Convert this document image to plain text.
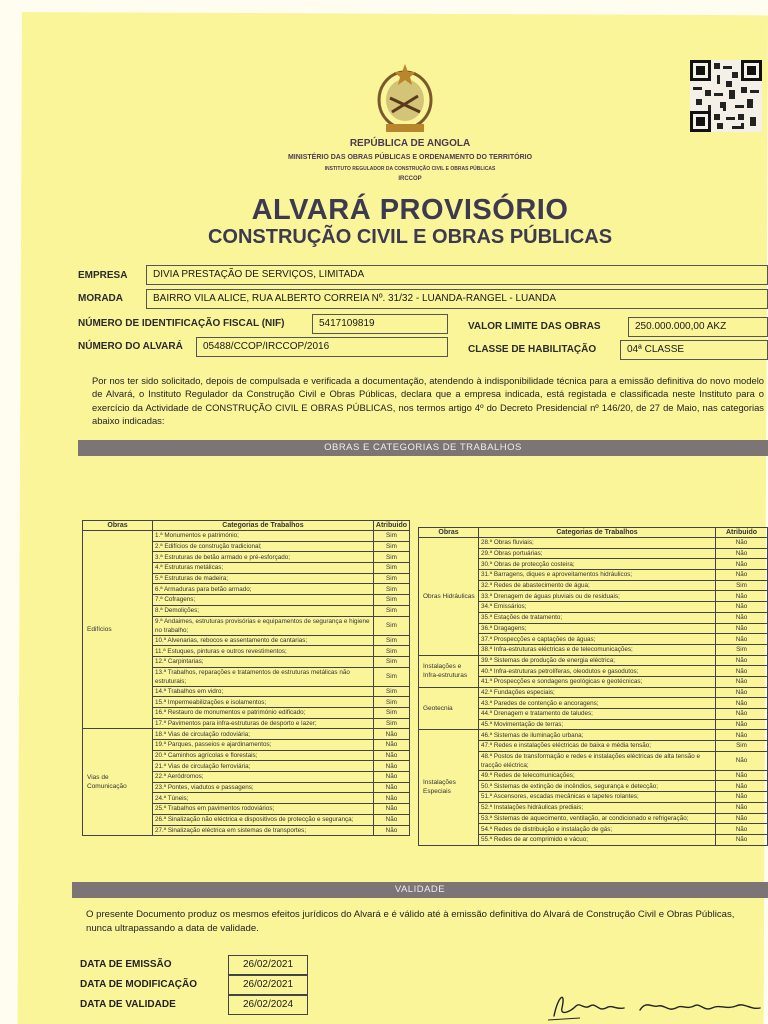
REPÚBLICA DE ANGOLA
MINISTÉRIO DAS OBRAS PÚBLICAS E ORDENAMENTO DO TERRITÓRIO
INSTITUTO REGULADOR DA CONSTRUÇÃO CIVIL E OBRAS PÚBLICAS
IRCCOP
ALVARÁ PROVISÓRIO
CONSTRUÇÃO CIVIL E OBRAS PÚBLICAS
EMPRESA	DIVIA PRESTAÇÃO DE SERVIÇOS, LIMITADA
MORADA	BAIRRO VILA ALICE, RUA ALBERTO CORREIA Nº. 31/32 - LUANDA-RANGEL - LUANDA
NÚMERO DE IDENTIFICAÇÃO FISCAL (NIF)	5417109819	VALOR LIMITE DAS OBRAS	250.000.000,00 AKZ
NÚMERO DO ALVARÁ	05488/CCOP/IRCCOP/2016	CLASSE DE HABILITAÇÃO	04ª CLASSE
Por nos ter sido solicitado, depois de compulsada e verificada a documentação, atendendo à indisponibilidade técnica para a emissão definitiva do novo modelo de Alvará, o Instituto Regulador da Construção Civil e Obras Públicas, declara que a empresa indicada, está registada e classificada neste Instituto para o exercício da Actividade de CONSTRUÇÃO CIVIL E OBRAS PÚBLICAS, nos termos artigo 4º do Decreto Presidencial nº 146/20, de 27 de Maio, nas categorias abaixo indicadas:
OBRAS E CATEGORIAS DE TRABALHOS
Obras	Categorias de Trabalhos	Atribuido
Edifícios	1.ª Monumentos e património;	Sim
	2.ª Edifícios de construção tradicional;	Sim
	3.ª Estruturas de betão armado e pré-esforçado;	Sim
	4.ª Estruturas metálicas;	Sim
	5.ª Estruturas de madeira;	Sim
	6.ª Armaduras para betão armado;	Sim
	7.ª Cofragens;	Sim
	8.ª Demolições;	Sim
	9.ª Andaimes, estruturas provisórias e equipamentos de segurança e higiene no trabalho;	Sim
	10.ª Alvenarias, rebocos e assentamento de cantarias;	Sim
	11.ª Estuques, pinturas e outros revestimentos;	Sim
	12.ª Carpintarias;	Sim
	13.ª Trabalhos, reparações e tratamentos de estruturas metálicas não estruturais;	Sim
	14.ª Trabalhos em vidro;	Sim
	15.ª Impermeabilizações e isolamentos;	Sim
	16.ª Restauro de monumentos e património edificado;	Sim
	17.ª Pavimentos para infra-estruturas de desporto e lazer;	Sim
Vias de Comunicação	18.ª Vias de circulação rodoviária;	Não
	19.ª Parques, passeios e ajardinamentos;	Não
	20.ª Caminhos agrícolas e florestais;	Não
	21.ª Vias de circulação ferroviária;	Não
	22.ª Aeródromos;	Não
	23.ª Pontes, viadutos e passagens;	Não
	24.ª Túneis;	Não
	25.ª Trabalhos em pavimentos rodoviários;	Não
	26.ª Sinalização não eléctrica e dispositivos de protecção e segurança;	Não
	27.ª Sinalização eléctrica em sistemas de transportes;	Não
Obras	Categorias de Trabalhos	Atribuido
Obras Hidráulicas	28.ª Obras fluviais;	Não
	29.ª Obras portuárias;	Não
	30.ª Obras de protecção costeira;	Não
	31.ª Barragens, diques e aproveitamentos hidráulicos;	Não
	32.ª Redes de abastecimento de água;	Sim
	33.ª Drenagem de águas pluviais ou de residuais;	Não
	34.ª Emissários;	Não
	35.ª Estações de tratamento;	Não
	36.ª Dragagens;	Não
	37.ª Prospecções e captações de águas;	Não
	38.ª Infra-estruturas eléctricas e de telecomunicações;	Sim
Instalações e Infra-estruturas	39.ª Sistemas de produção de energia eléctrica;	Não
	40.ª Infra-estruturas petrolíferas, oleodutos e gasodutos;	Não
	41.ª Prospecções e sondagens geológicas e geotécnicas;	Não
Geotecnia	42.ª Fundações especiais;	Não
	43.ª Paredes de contenção e ancoragens;	Não
	44.ª Drenagem e tratamento de taludes;	Não
	45.ª Movimentação de terras;	Não
Instalações Especiais	46.ª Sistemas de iluminação urbana;	Não
	47.ª Redes e instalações eléctricas de baixa e média tensão;	Sim
	48.ª Postos de transformação e redes e instalações eléctricas de alta tensão e tracção eléctrica;	Não
	49.ª Redes de telecomunicações;	Não
	50.ª Sistemas de extinção de incêndios, segurança e detecção;	Não
	51.ª Ascensores, escadas mecânicas e tapetes rolantes;	Não
	52.ª Instalações hidráulicas prediais;	Não
	53.ª Sistemas de aquecimento, ventilação, ar condicionado e refrigeração;	Não
	54.ª Redes de distribuição e instalação de gás;	Não
	55.ª Redes de ar comprimido e vácuo;	Não
VALIDADE
O presente Documento produz os mesmos efeitos jurídicos do Alvará e é válido até à emissão definitiva do Alvará de Construção Civil e Obras Públicas, nunca ultrapassando a data de validade.
DATA DE EMISSÃO	26/02/2021
DATA DE MODIFICAÇÃO	26/02/2021
DATA DE VALIDADE	26/02/2024
